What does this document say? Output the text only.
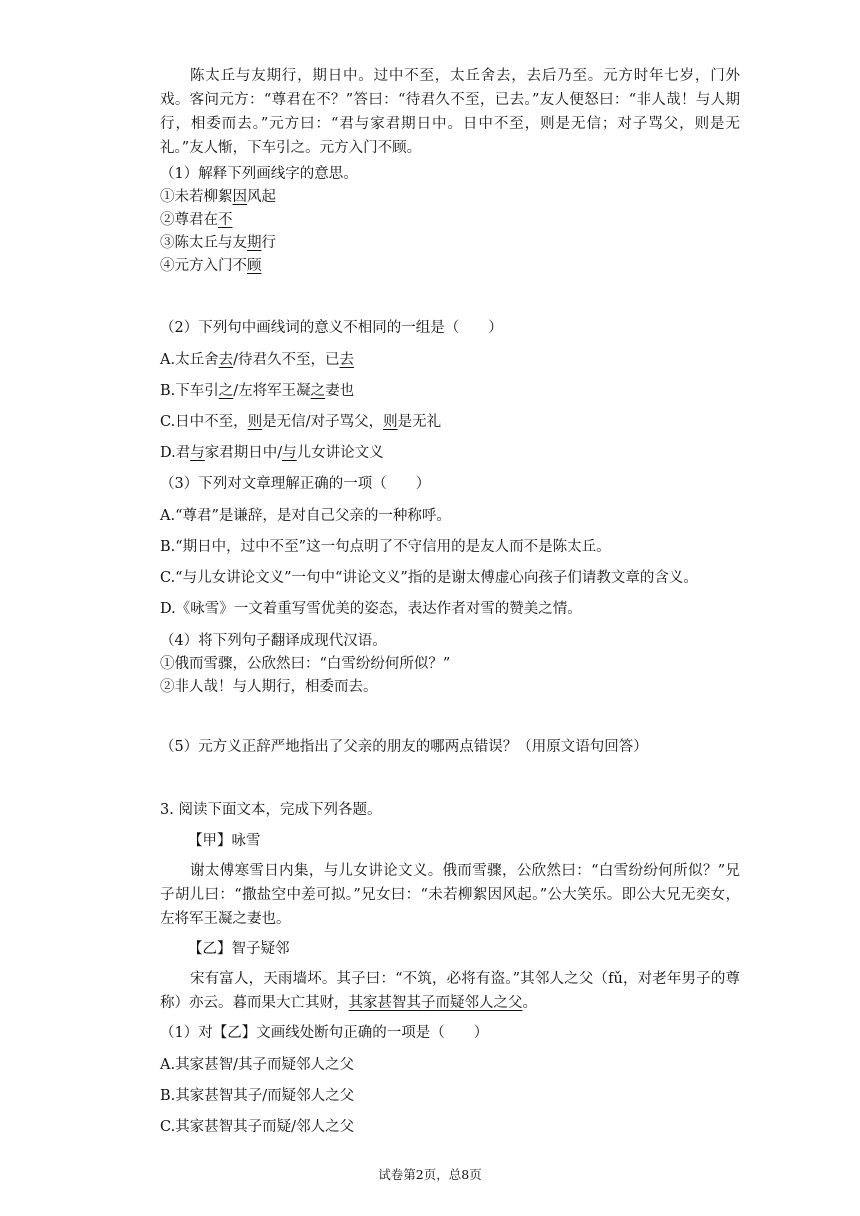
陈太丘与友期行，期日中。过中不至，太丘舍去，去后乃至。元方时年七岁，门外戏。客问元方：“尊君在不？”答曰：“待君久不至，已去。”友人便怒曰：“非人哉！与人期行，相委而去。”元方曰：“君与家君期日中。日中不至，则是无信；对子骂父，则是无礼。”友人惭，下车引之。元方入门不顾。
（1）解释下列画线字的意思。
①未若柳絮因风起
②尊君在不
③陈太丘与友期行
④元方入门不顾
（2）下列句中画线词的意义不相同的一组是（　　）
A.太丘舍去/待君久不至，已去
B.下车引之/左将军王凝之妻也
C.日中不至，则是无信/对子骂父，则是无礼
D.君与家君期日中/与儿女讲论文义
（3）下列对文章理解正确的一项（　　）
A.“尊君”是谦辞，是对自己父亲的一种称呼。
B.“期日中，过中不至”这一句点明了不守信用的是友人而不是陈太丘。
C.“与儿女讲论文义”一句中“讲论文义”指的是谢太傅虚心向孩子们请教文章的含义。
D.《咏雪》一文着重写雪优美的姿态，表达作者对雪的赞美之情。
（4）将下列句子翻译成现代汉语。
①俄而雪骤，公欣然曰：“白雪纷纷何所似？”
②非人哉！与人期行，相委而去。
（5）元方义正辞严地指出了父亲的朋友的哪两点错误？（用原文语句回答）
3. 阅读下面文本，完成下列各题。
【甲】咏雪
谢太傅寒雪日内集，与儿女讲论文义。俄而雪骤，公欣然曰：“白雪纷纷何所似？”兄子胡儿曰：“撒盐空中差可拟。”兄女曰：“未若柳絮因风起。”公大笑乐。即公大兄无奕女，左将军王凝之妻也。
【乙】智子疑邻
宋有富人，天雨墙坏。其子曰：“不筑，必将有盗。”其邻人之父（fǔ，对老年男子的尊称）亦云。暮而果大亡其财，其家甚智其子而疑邻人之父。
（1）对【乙】文画线处断句正确的一项是（　　）
A.其家甚智/其子而疑邻人之父
B.其家甚智其子/而疑邻人之父
C.其家甚智其子而疑/邻人之父
试卷第2页，总8页
